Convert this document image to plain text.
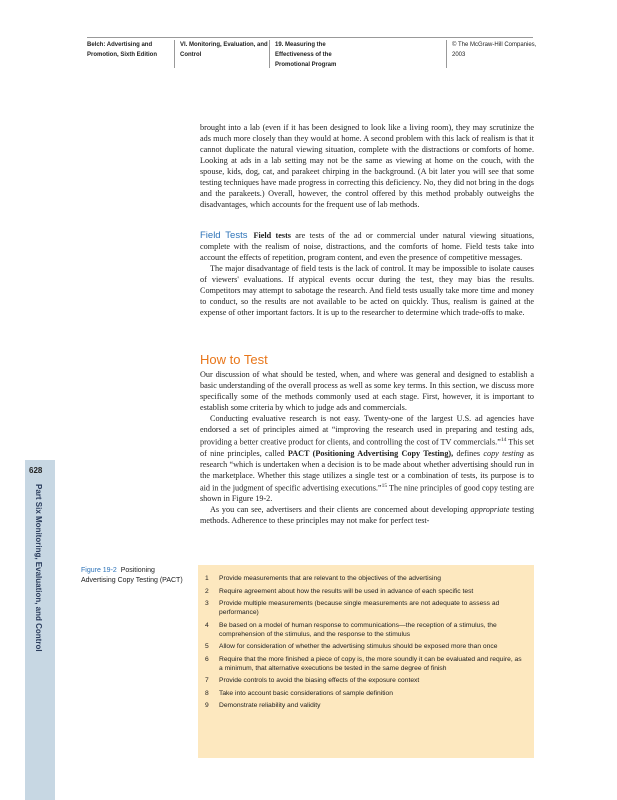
Belch: Advertising and Promotion, Sixth Edition
VI. Monitoring, Evaluation, and Control
19. Measuring the Effectiveness of the Promotional Program
© The McGraw-Hill Companies, 2003
628
Part Six Monitoring, Evaluation, and Control

brought into a lab (even if it has been designed to look like a living room), they may scrutinize the ads much more closely than they would at home. A second problem with this lack of realism is that it cannot duplicate the natural viewing situation, complete with the distractions or comforts of home. Looking at ads in a lab setting may not be the same as viewing at home on the couch, with the spouse, kids, dog, cat, and parakeet chirping in the background. (A bit later you will see that some testing techniques have made progress in correcting this deficiency. No, they did not bring in the dogs and the parakeets.) Overall, however, the control offered by this method probably outweighs the disadvantages, which accounts for the frequent use of lab methods.

Field Tests Field tests are tests of the ad or commercial under natural viewing situations, complete with the realism of noise, distractions, and the comforts of home. Field tests take into account the effects of repetition, program content, and even the presence of competitive messages.

The major disadvantage of field tests is the lack of control. It may be impossible to isolate causes of viewers' evaluations. If atypical events occur during the test, they may bias the results. Competitors may attempt to sabotage the research. And field tests usually take more time and money to conduct, so the results are not available to be acted on quickly. Thus, realism is gained at the expense of other important factors. It is up to the researcher to determine which trade-offs to make.

How to Test

Our discussion of what should be tested, when, and where was general and designed to establish a basic understanding of the overall process as well as some key terms. In this section, we discuss more specifically some of the methods commonly used at each stage. First, however, it is important to establish some criteria by which to judge ads and commercials.

Conducting evaluative research is not easy. Twenty-one of the largest U.S. ad agencies have endorsed a set of principles aimed at “improving the research used in preparing and testing ads, providing a better creative product for clients, and controlling the cost of TV commercials.”$^{14}$ This set of nine principles, called PACT (Positioning Advertising Copy Testing), defines copy testing as research “which is undertaken when a decision is to be made about whether advertising should run in the marketplace. Whether this stage utilizes a single test or a combination of tests, its purpose is to aid in the judgment of specific advertising executions.”$^{15}$ The nine principles of good copy testing are shown in Figure 19-2.

As you can see, advertisers and their clients are concerned about developing appropriate testing methods. Adherence to these principles may not make for perfect test-

Figure 19-2 Positioning Advertising Copy Testing (PACT)	1	Provide measurements that are relevant to the objectives of the advertising
2	Require agreement about how the results will be used in advance of each specific test
3	Provide multiple measurements (because single measurements are not adequate to assess ad performance)
4	Be based on a model of human response to communications—the reception of a stimulus, the comprehension of the stimulus, and the response to the stimulus
5	Allow for consideration of whether the advertising stimulus should be exposed more than once
6	Require that the more finished a piece of copy is, the more soundly it can be evaluated and require, as a minimum, that alternative executions be tested in the same degree of finish
7	Provide controls to avoid the biasing effects of the exposure context
8	Take into account basic considerations of sample definition
9	Demonstrate reliability and validity
